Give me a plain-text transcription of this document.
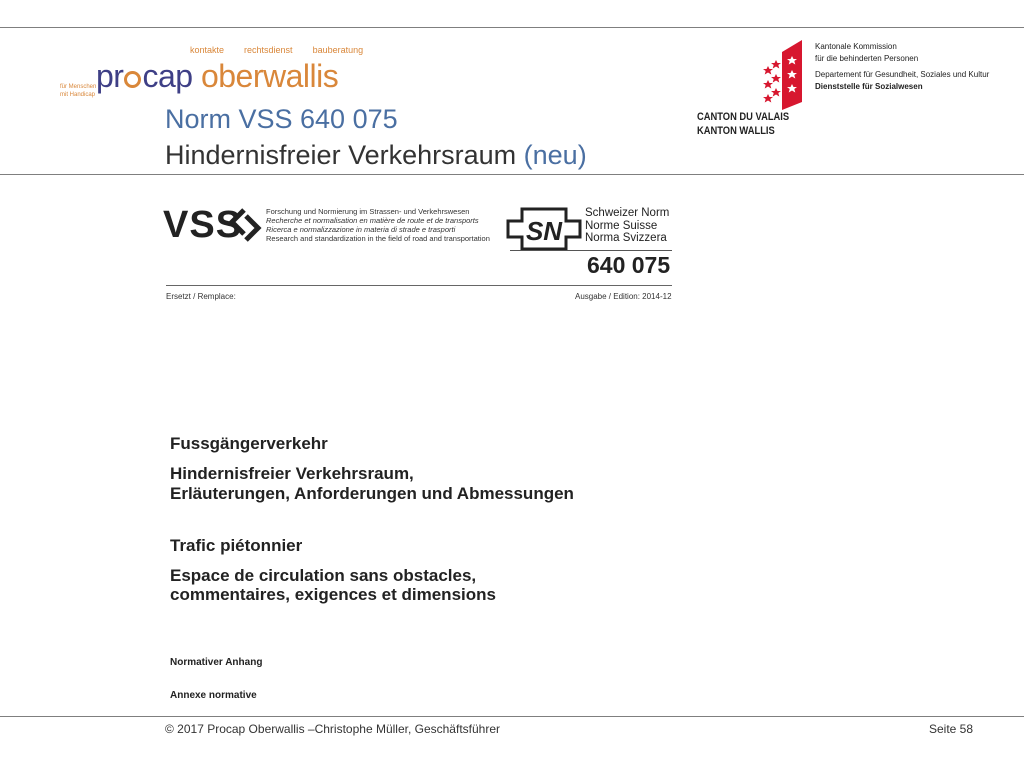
kontakte rechtsdienst bauberatung
für Menschen
mit Handicap
pr cap oberwallis
Norm VSS 640 075
Hindernisfreier Verkehrsraum (neu)
CANTON DU VALAIS
KANTON WALLIS
Kantonale Kommission
für die behinderten Personen
Departement für Gesundheit, Soziales und Kultur
Dienststelle für Sozialwesen
VSS	Forschung und Normierung im Strassen- und Verkehrswesen
Recherche et normalisation en matière de route et de transports
Ricerca e normalizzazione in materia di strade e trasporti
Research and standardization in the field of road and transportation SN
Schweizer Norm
Norme Suisse
Norma Svizzera
640 075
Ersetzt / Remplace:	Ausgabe / Edition: 2014-12
Fussgängerverkehr
Hindernisfreier Verkehrsraum,
Erläuterungen, Anforderungen und Abmessungen
Trafic piétonnier
Espace de circulation sans obstacles,
commentaires, exigences et dimensions
Normativer Anhang
Annexe normative
© 2017 Procap Oberwallis –Christophe Müller, Geschäftsführer	Seite 58
